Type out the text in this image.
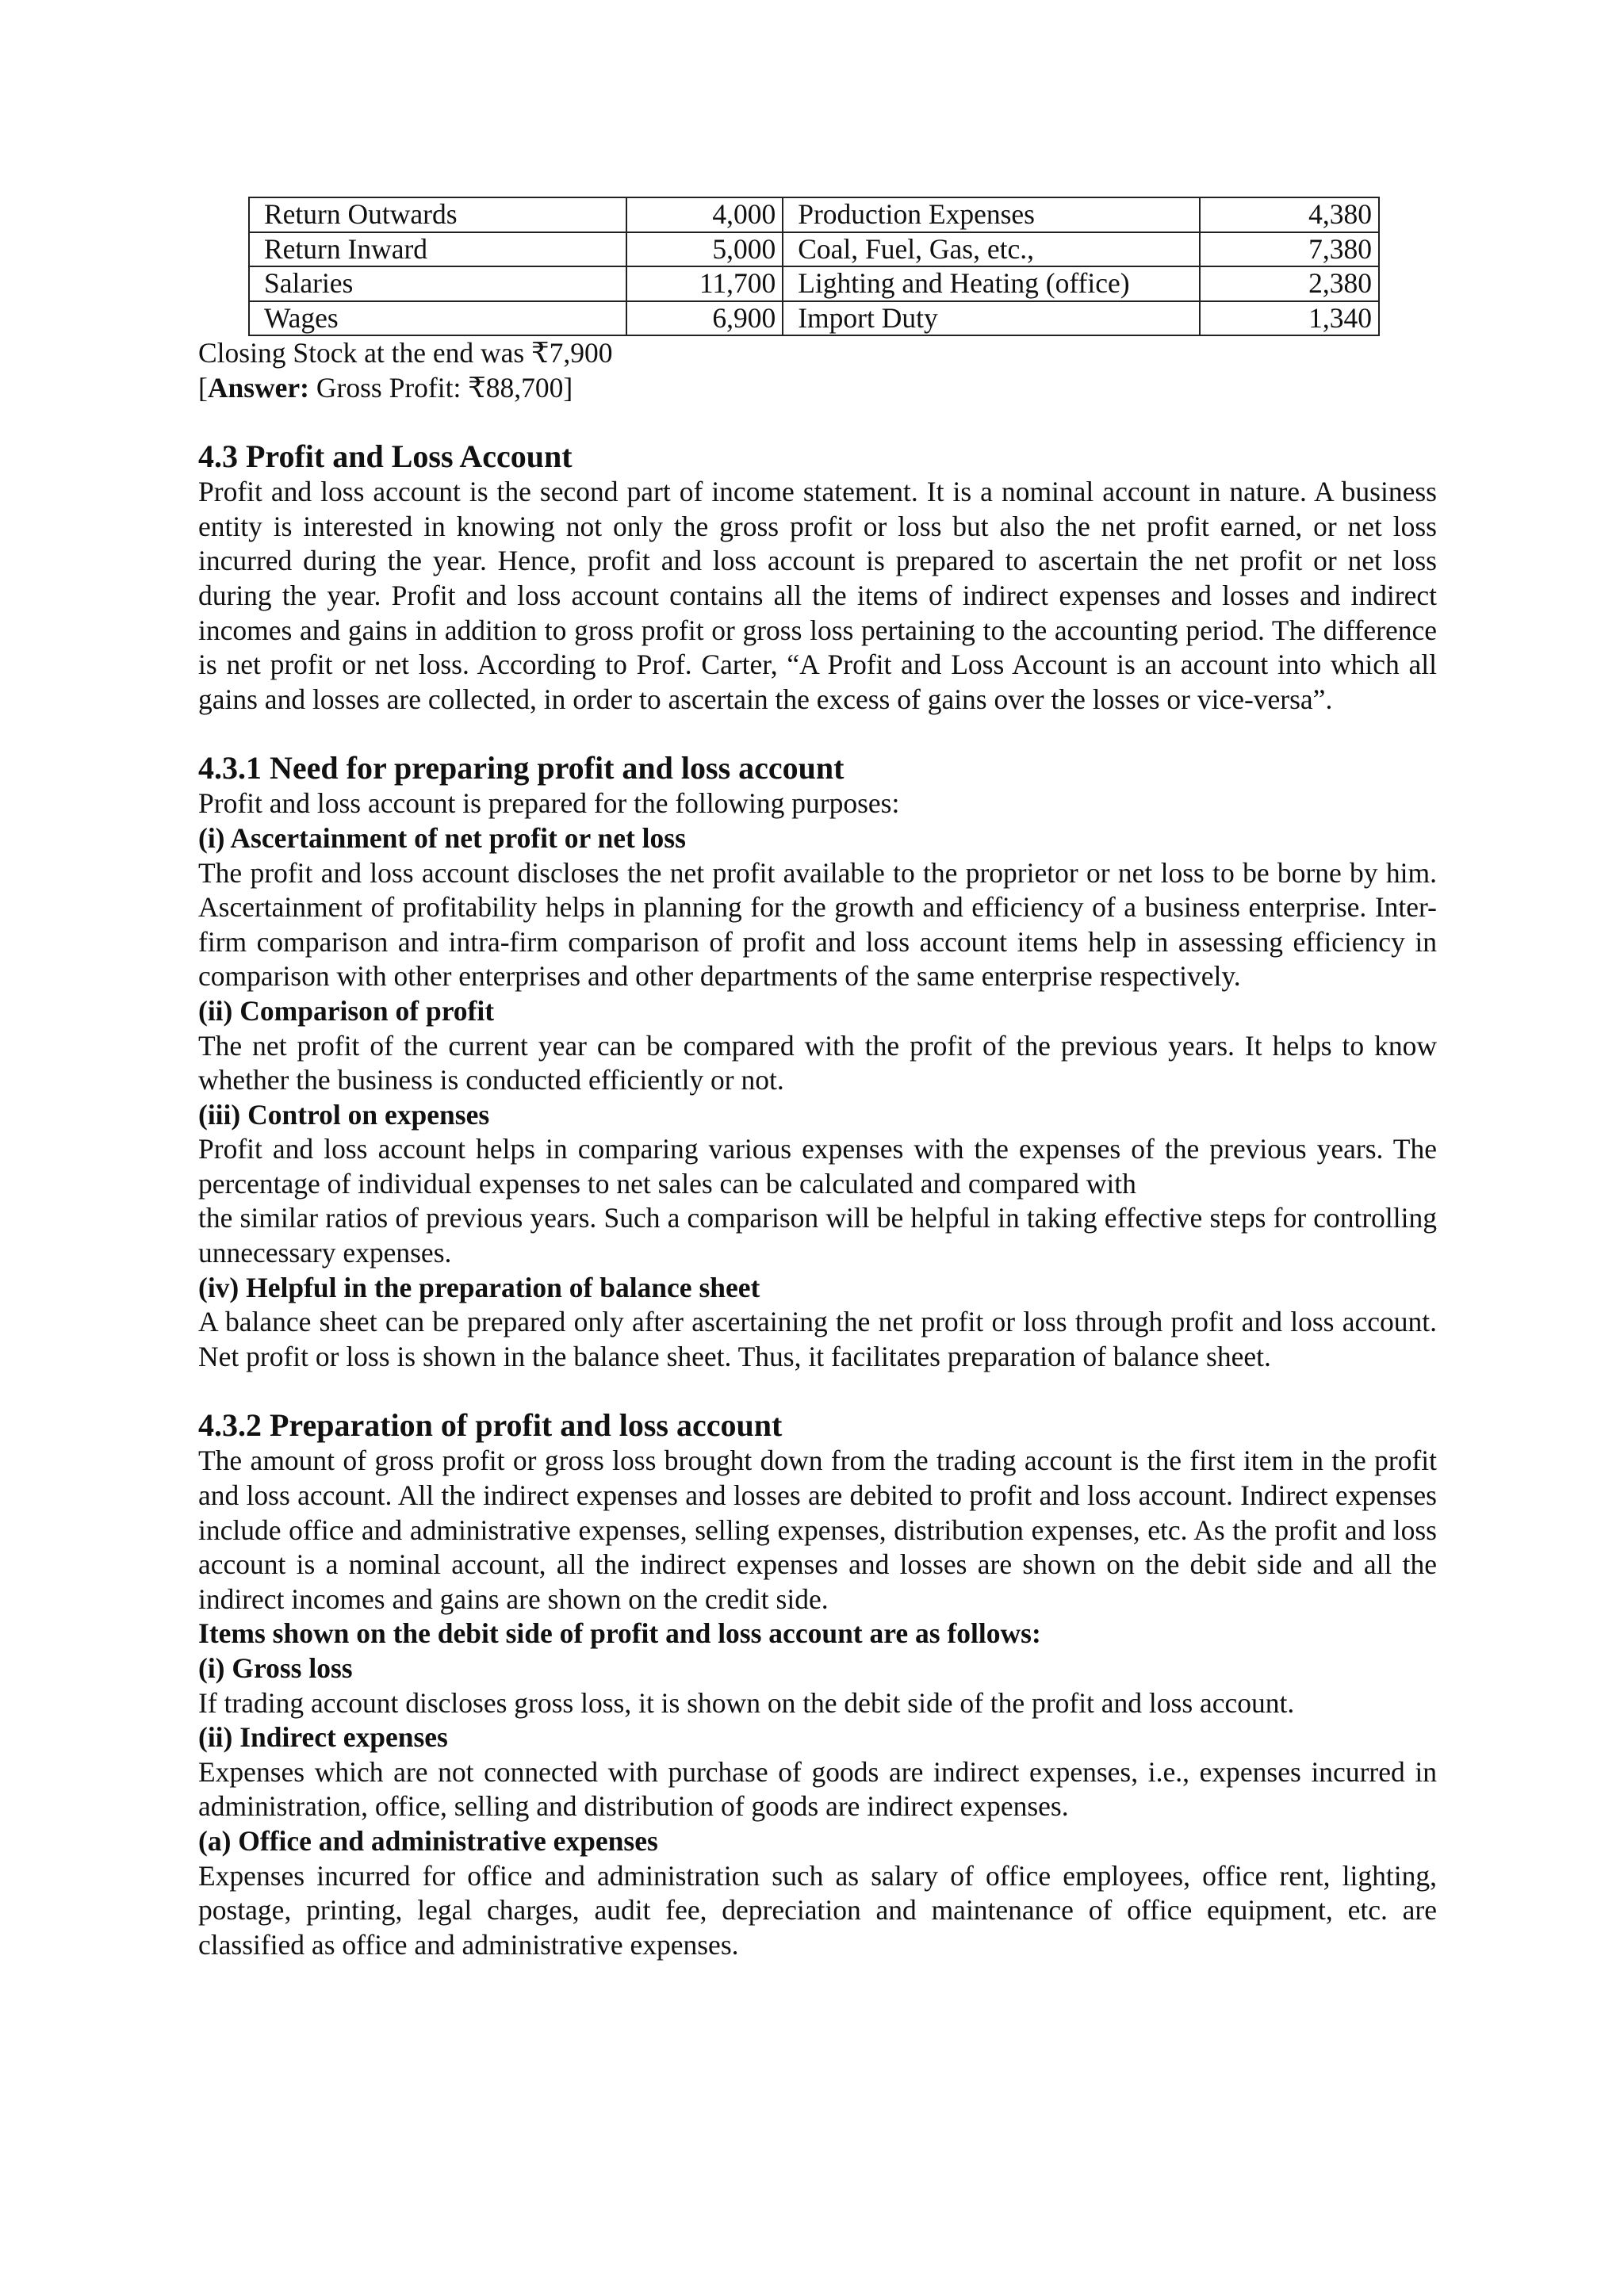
Return Outwards	4,000	Production Expenses	4,380
Return Inward	5,000	Coal, Fuel, Gas, etc.,	7,380
Salaries	11,700	Lighting and Heating (office)	2,380
Wages	6,900	Import Duty	1,340
Closing Stock at the end was ₹7,900
[Answer: Gross Profit: ₹88,700]
4.3 Profit and Loss Account

Profit and loss account is the second part of income statement. It is a nominal account in nature. A business entity is interested in knowing not only the gross profit or loss but also the net profit earned, or net loss incurred during the year. Hence, profit and loss account is prepared to ascertain the net profit or net loss during the year. Profit and loss account contains all the items of indirect expenses and losses and indirect incomes and gains in addition to gross profit or gross loss pertaining to the accounting period. The difference is net profit or net loss. According to Prof. Carter, “A Profit and Loss Account is an account into which all gains and losses are collected, in order to ascertain the excess of gains over the losses or vice-versa”.

4.3.1 Need for preparing profit and loss account

Profit and loss account is prepared for the following purposes:

(i) Ascertainment of net profit or net loss

The profit and loss account discloses the net profit available to the proprietor or net loss to be borne by him. Ascertainment of profitability helps in planning for the growth and efficiency of a business enterprise. Inter-firm comparison and intra-firm comparison of profit and loss account items help in assessing efficiency in comparison with other enterprises and other departments of the same enterprise respectively.

(ii) Comparison of profit

The net profit of the current year can be compared with the profit of the previous years. It helps to know whether the business is conducted efficiently or not.

(iii) Control on expenses

Profit and loss account helps in comparing various expenses with the expenses of the previous years. The percentage of individual expenses to net sales can be calculated and compared with

the similar ratios of previous years. Such a comparison will be helpful in taking effective steps for controlling unnecessary expenses.

(iv) Helpful in the preparation of balance sheet

A balance sheet can be prepared only after ascertaining the net profit or loss through profit and loss account. Net profit or loss is shown in the balance sheet. Thus, it facilitates preparation of balance sheet.

4.3.2 Preparation of profit and loss account

The amount of gross profit or gross loss brought down from the trading account is the first item in the profit and loss account. All the indirect expenses and losses are debited to profit and loss account. Indirect expenses include office and administrative expenses, selling expenses, distribution expenses, etc. As the profit and loss account is a nominal account, all the indirect expenses and losses are shown on the debit side and all the indirect incomes and gains are shown on the credit side.

Items shown on the debit side of profit and loss account are as follows:
(i) Gross loss

If trading account discloses gross loss, it is shown on the debit side of the profit and loss account.

(ii) Indirect expenses

Expenses which are not connected with purchase of goods are indirect expenses, i.e., expenses incurred in administration, office, selling and distribution of goods are indirect expenses.

(a) Office and administrative expenses

Expenses incurred for office and administration such as salary of office employees, office rent, lighting, postage, printing, legal charges, audit fee, depreciation and maintenance of office equipment, etc. are classified as office and administrative expenses.
